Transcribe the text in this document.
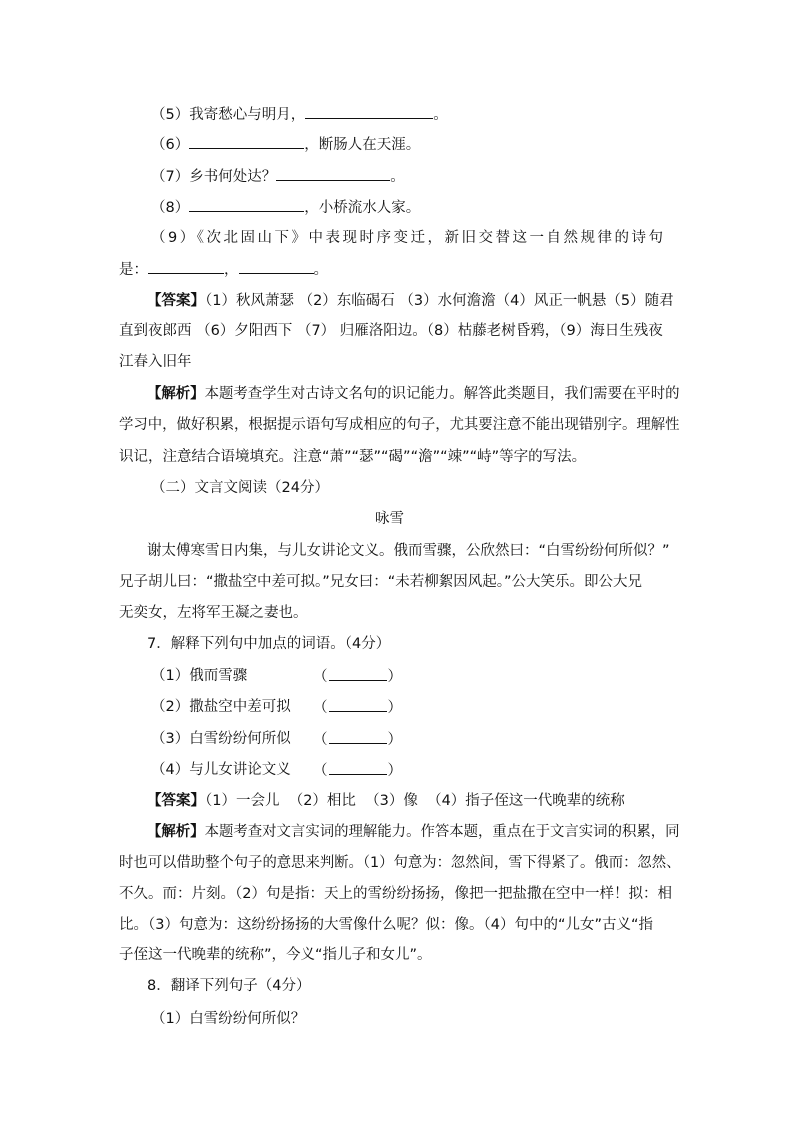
（5）我寄愁心与明月，	。
（6）	，断肠人在天涯。
（7）乡书何处达？	。
（8）	，小桥流水人家。
（9）《次北固山下》中表现时序变迁，新旧交替这一自然规律的诗句
是：	，	。
【答案】（1）秋风萧瑟 （2）东临碣石 （3）水何澹澹（4）风正一帆悬（5）随君
直到夜郎西 （6）夕阳西下 （7） 归雁洛阳边。（8）枯藤老树昏鸦，（9）海日生残夜
江春入旧年
【解析】本题考查学生对古诗文名句的识记能力。解答此类题目，我们需要在平时的
学习中，做好积累，根据提示语句写成相应的句子，尤其要注意不能出现错别字。理解性
识记，注意结合语境填充。注意“萧”“瑟”“碣”“澹”“竦”“峙”等字的写法。
（二）文言文阅读（24分）
咏雪
谢太傅寒雪日内集，与儿女讲论文义。俄而雪骤，公欣然曰：“白雪纷纷何所似？”
兄子胡儿曰：“撒盐空中差可拟。”兄女曰：“未若柳絮因风起。”公大笑乐。即公大兄
无奕女，左将军王凝之妻也。
7．解释下列句中加点的词语。（4分）
（1）俄而雪骤	（	）
（2）撒盐空中差可拟 （	）
（3）白雪纷纷何所似 （	）
（4）与儿女讲论文义 （	）
【答案】（1）一会儿  （2）相比  （3）像  （4）指子侄这一代晚辈的统称
【解析】本题考查对文言实词的理解能力。作答本题，重点在于文言实词的积累，同
时也可以借助整个句子的意思来判断。（1）句意为：忽然间，雪下得紧了。俄而：忽然、
不久。而：片刻。（2）句是指：天上的雪纷纷扬扬，像把一把盐撒在空中一样！拟：相
比。（3）句意为：这纷纷扬扬的大雪像什么呢？似：像。（4）句中的“儿女”古义“指
子侄这一代晚辈的统称”，今义“指儿子和女儿”。
8．翻译下列句子（4分）
（1）白雪纷纷何所似？
